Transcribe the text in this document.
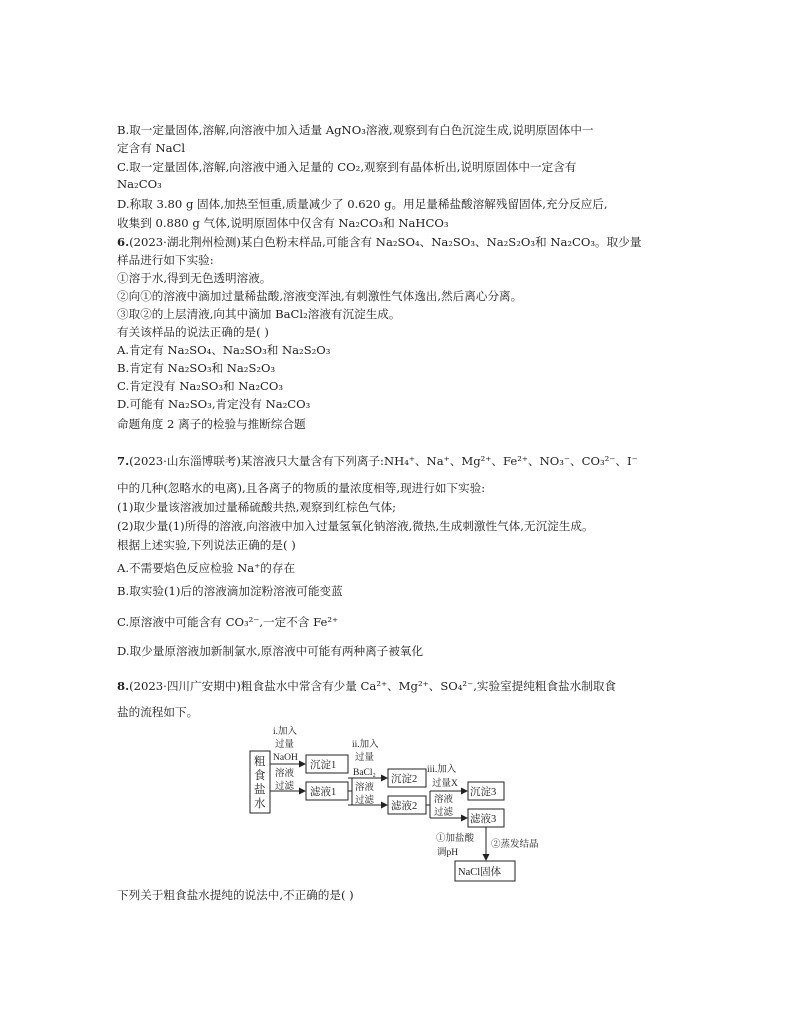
B.取一定量固体,溶解,向溶液中加入适量 AgNO₃溶液,观察到有白色沉淀生成,说明原固体中一
定含有 NaCl
C.取一定量固体,溶解,向溶液中通入足量的 CO₂,观察到有晶体析出,说明原固体中一定含有
Na₂CO₃
D.称取 3.80 g 固体,加热至恒重,质量减少了 0.620 g。用足量稀盐酸溶解残留固体,充分反应后,
收集到 0.880 g 气体,说明原固体中仅含有 Na₂CO₃和 NaHCO₃
6.(2023·湖北荆州检测)某白色粉末样品,可能含有 Na₂SO₄、Na₂SO₃、Na₂S₂O₃和 Na₂CO₃。取少量
样品进行如下实验:
①溶于水,得到无色透明溶液。
②向①的溶液中滴加过量稀盐酸,溶液变浑浊,有刺激性气体逸出,然后离心分离。
③取②的上层清液,向其中滴加 BaCl₂溶液有沉淀生成。
有关该样品的说法正确的是( )
A.肯定有 Na₂SO₄、Na₂SO₃和 Na₂S₂O₃
B.肯定有 Na₂SO₃和 Na₂S₂O₃
C.肯定没有 Na₂SO₃和 Na₂CO₃
D.可能有 Na₂SO₃,肯定没有 Na₂CO₃
命题角度 2 离子的检验与推断综合题
7.(2023·山东淄博联考)某溶液只大量含有下列离子:NH₄⁺、Na⁺、Mg²⁺、Fe²⁺、NO₃⁻、CO₃²⁻、I⁻
中的几种(忽略水的电离),且各离子的物质的量浓度相等,现进行如下实验:
(1)取少量该溶液加过量稀硫酸共热,观察到红棕色气体;
(2)取少量(1)所得的溶液,向溶液中加入过量氢氧化钠溶液,微热,生成刺激性气体,无沉淀生成。
根据上述实验,下列说法正确的是( )
A.不需要焰色反应检验 Na⁺的存在
B.取实验(1)后的溶液滴加淀粉溶液可能变蓝
C.原溶液中可能含有 CO₃²⁻,一定不含 Fe²⁺
D.取少量原溶液加新制氯水,原溶液中可能有两种离子被氧化
8.(2023·四川广安期中)粗食盐水中常含有少量 Ca²⁺、Mg²⁺、SO₄²⁻,实验室提纯粗食盐水制取食
盐的流程如下。
粗
食
盐
水
i.加入
过量
NaOH
溶液
过滤
ii.加入
过量
BaCl₂
溶液
过滤
iii.加入
过量X
溶液
过滤
沉淀1
滤液1
沉淀2
滤液2
沉淀3
滤液3
NaCl固体
①加盐酸
调pH
②蒸发结晶
下列关于粗食盐水提纯的说法中,不正确的是( )
